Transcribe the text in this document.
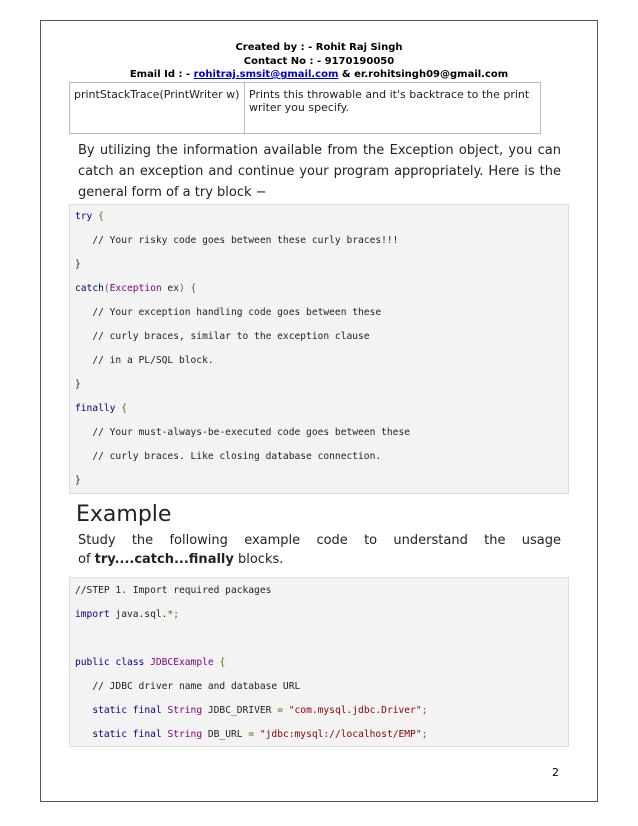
Created by : - Rohit Raj Singh
Contact No : - 9170190050
Email Id : - rohitraj.smsit@gmail.com & er.rohitsingh09@gmail.com
printStackTrace(PrintWriter w)	Prints this throwable and it's backtrace to the print writer you specify.
By utilizing the information available from the Exception object, you can catch an exception and continue your program appropriately. Here is the general form of a try block −
try {
// Your risky code goes between these curly braces!!!
}
catch(Exception ex) {
// Your exception handling code goes between these
// curly braces, similar to the exception clause
// in a PL/SQL block.
}
finally {
// Your must-always-be-executed code goes between these
// curly braces. Like closing database connection.
}
Example
Study the following example code to understand the usage
of try....catch...finally blocks.
//STEP 1. Import required packages
import java.sql.*;
public class JDBCExample {
// JDBC driver name and database URL
static final String JDBC_DRIVER = "com.mysql.jdbc.Driver";
static final String DB_URL = "jdbc:mysql://localhost/EMP";
2
